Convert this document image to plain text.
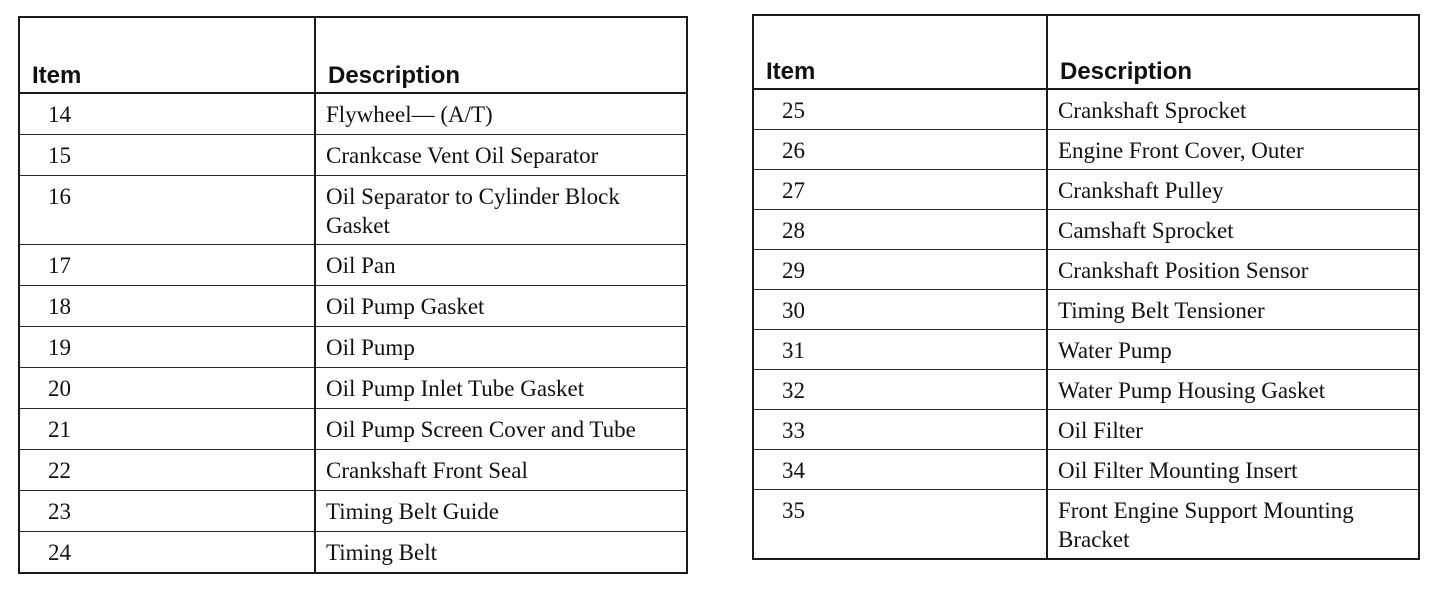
Item	Description
14	Flywheel— (A/T)
15	Crankcase Vent Oil Separator
16	Oil Separator to Cylinder Block Gasket
17	Oil Pan
18	Oil Pump Gasket
19	Oil Pump
20	Oil Pump Inlet Tube Gasket
21	Oil Pump Screen Cover and Tube
22	Crankshaft Front Seal
23	Timing Belt Guide
24	Timing Belt
Item	Description
25	Crankshaft Sprocket
26	Engine Front Cover, Outer
27	Crankshaft Pulley
28	Camshaft Sprocket
29	Crankshaft Position Sensor
30	Timing Belt Tensioner
31	Water Pump
32	Water Pump Housing Gasket
33	Oil Filter
34	Oil Filter Mounting Insert
35	Front Engine Support Mounting Bracket
